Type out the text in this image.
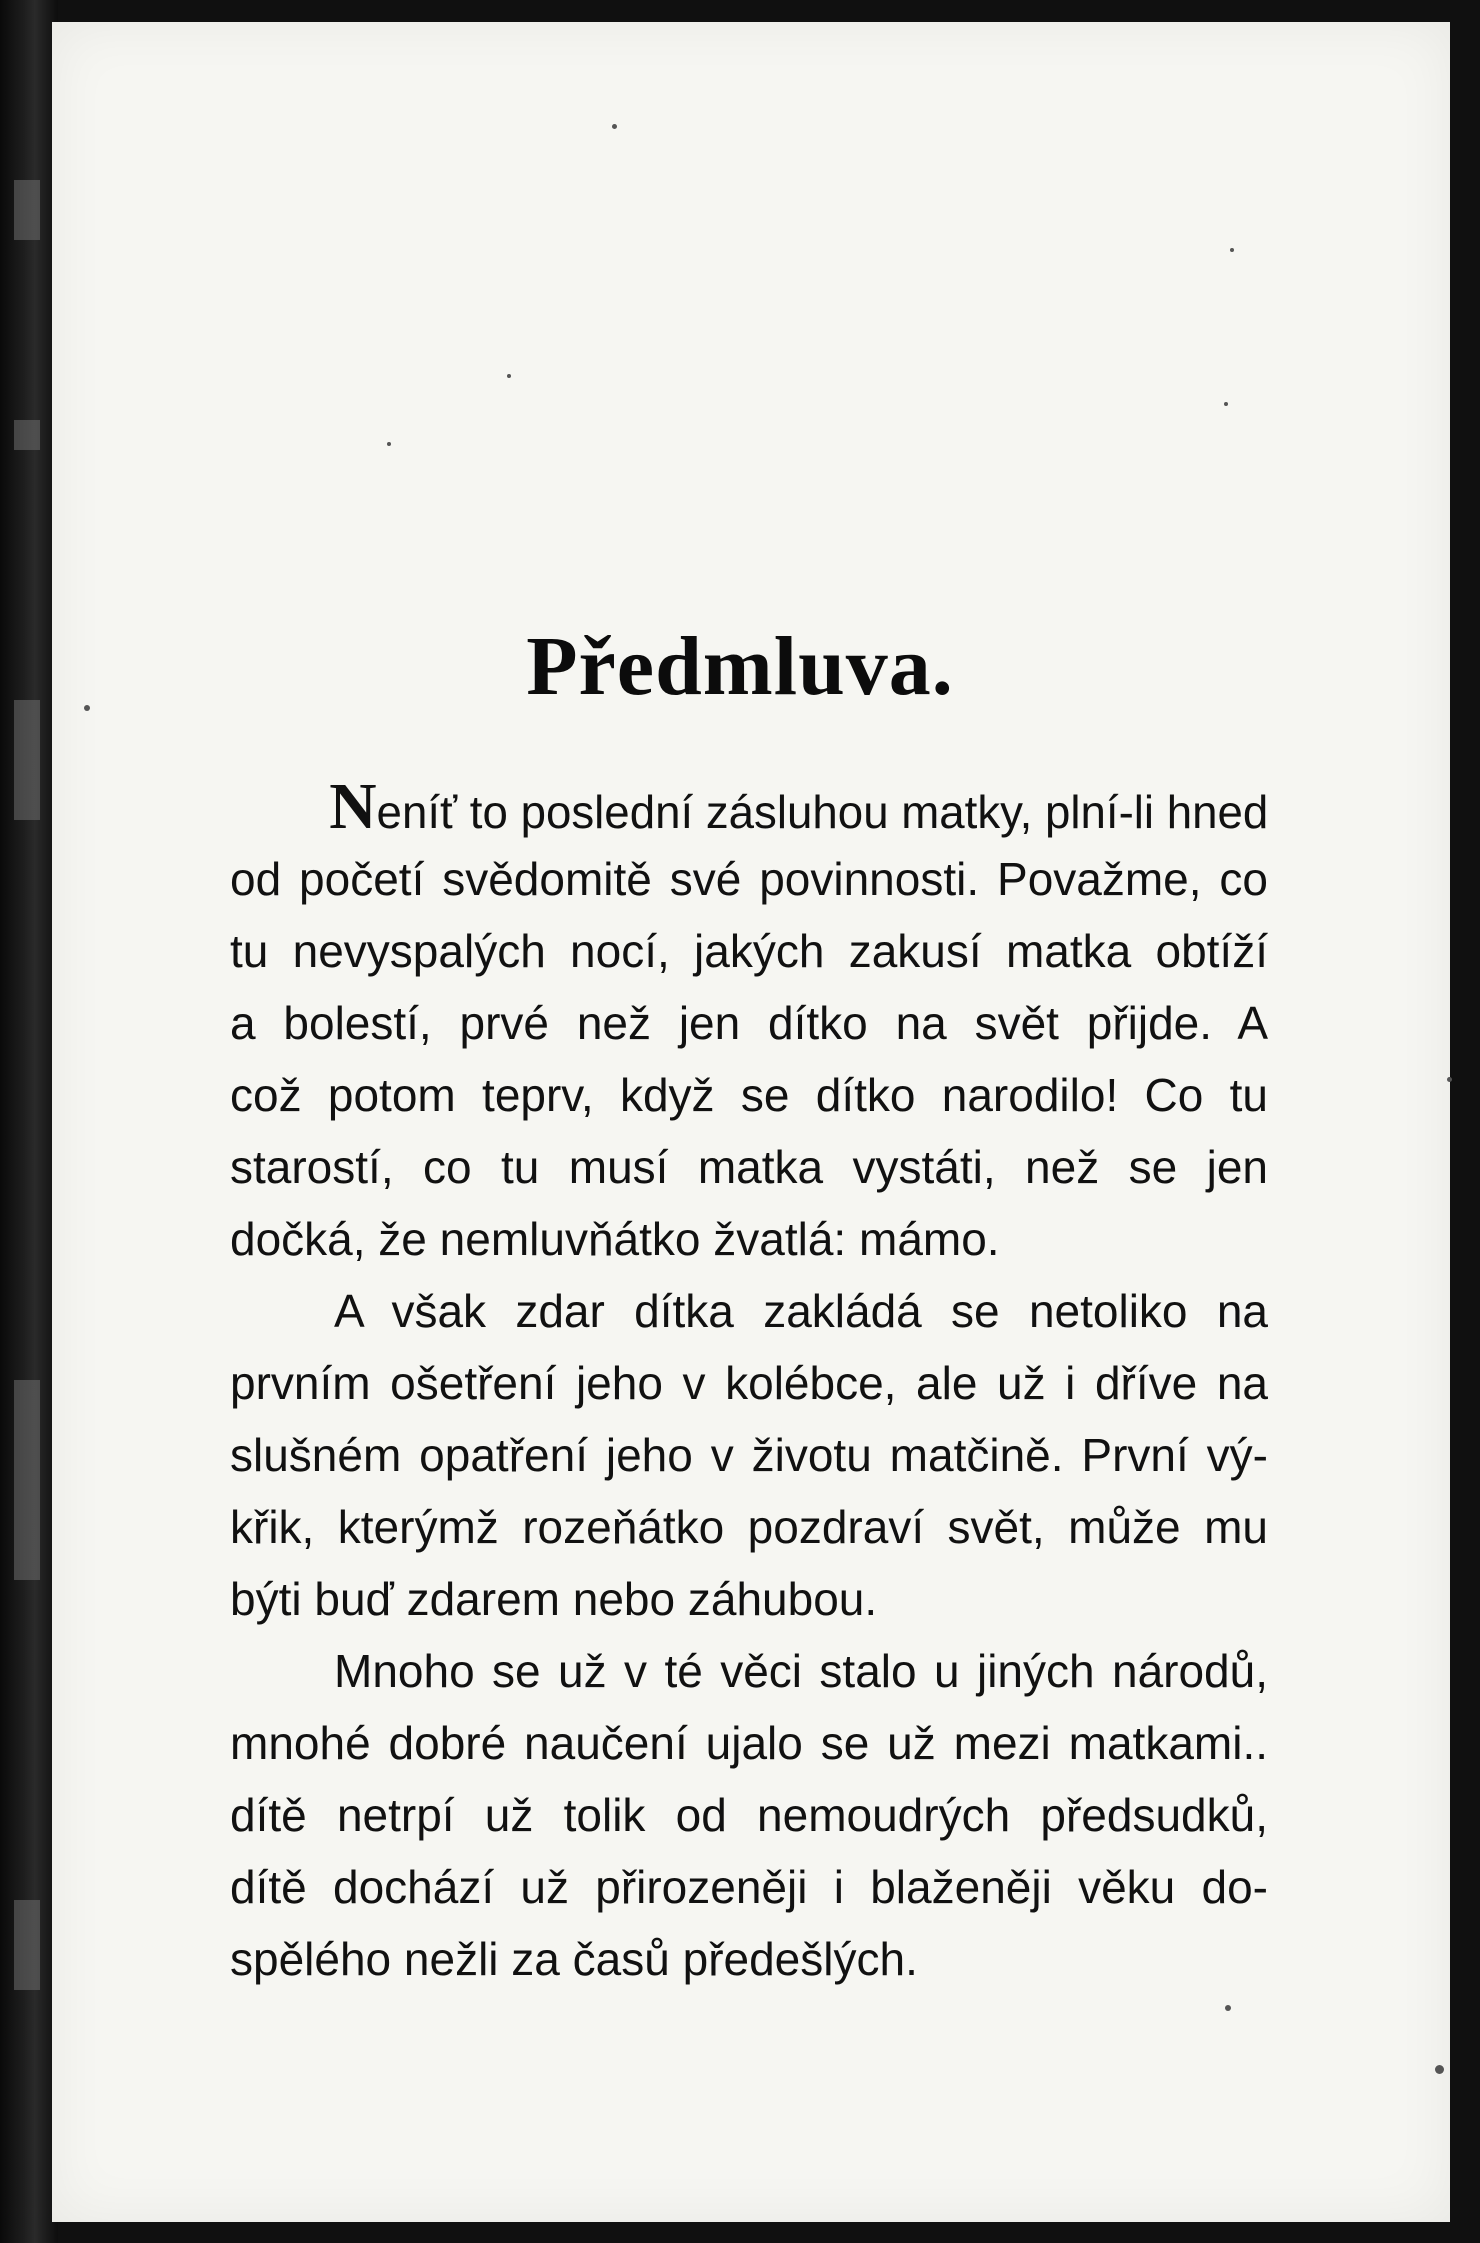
Předmluva.
Neníť to poslední zásluhou matky, plní-li hned
od početí svědomitě své povinnosti. Považme, co
tu nevyspalých nocí, jakých zakusí matka obtíží
a bolestí, prvé než jen dítko na svět přijde. A
což potom teprv, když se dítko narodilo! Co tu
starostí, co tu musí matka vystáti, než se jen
dočká, že nemluvňátko žvatlá: mámo.
A však zdar dítka zakládá se netoliko na
prvním ošetření jeho v kolébce, ale už i dříve na
slušném opatření jeho v životu matčině. První vý-
křik, kterýmž rozeňátko pozdraví svět, může mu
býti buď zdarem nebo záhubou.
Mnoho se už v té věci stalo u jiných národů,
mnohé dobré naučení ujalo se už mezi matkami..
dítě netrpí už tolik od nemoudrých předsudků,
dítě dochází už přirozeněji i blaženěji věku do-
spělého nežli za časů předešlých.
